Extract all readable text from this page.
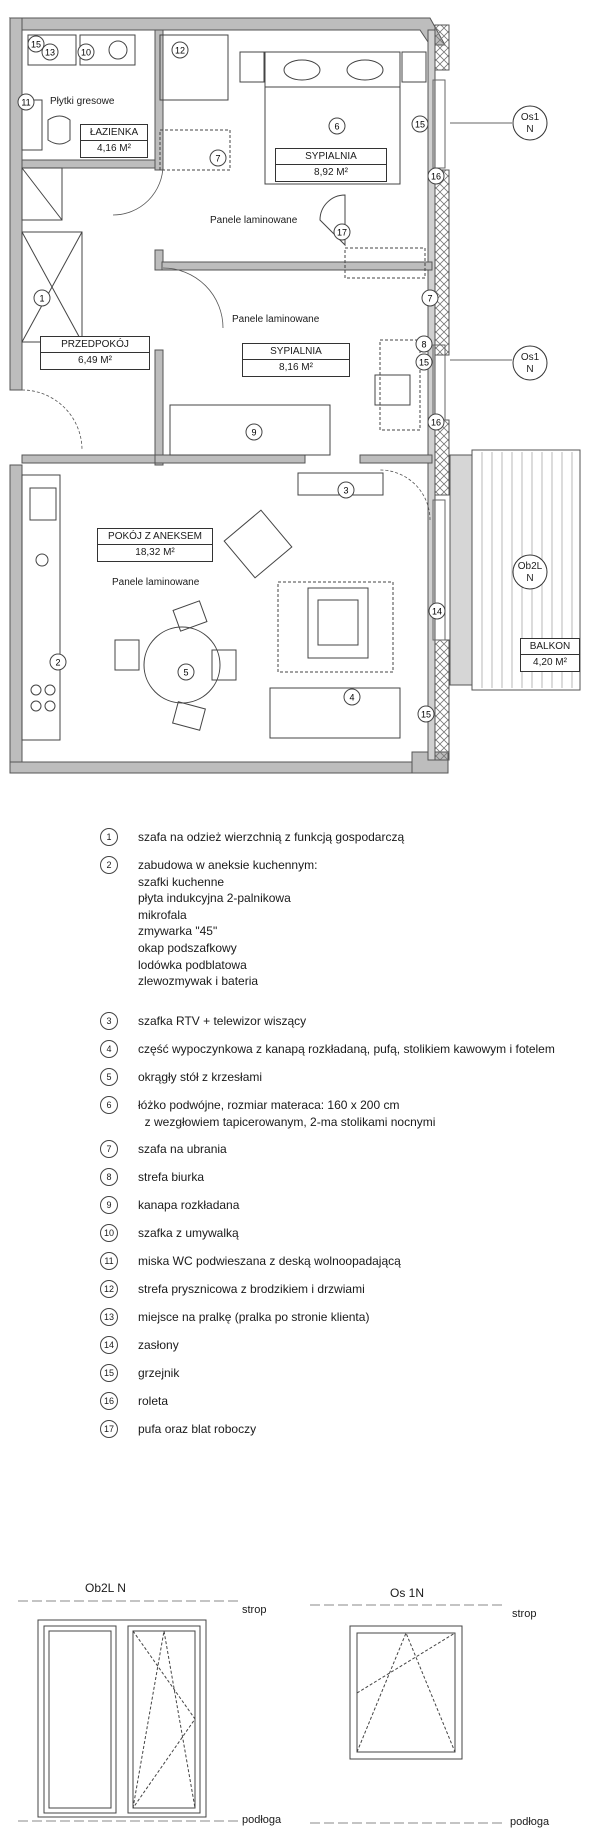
Os1
N
Os1
N
Ob2L
N
15
13	10	12
11
6	15
7
16
17
7
1
8
15
16
9
3
2
5
4
14
15
ŁAZIENKA
4,16 M²
SYPIALNIA
8,92 M²
SYPIALNIA
8,16 M²
PRZEDPOKÓJ
6,49 M²
POKÓJ Z ANEKSEM
18,32 M²
BALKON
4,20 M²
Płytki gresowe
Panele laminowane
Panele laminowane
Panele laminowane
1	szafa na odzież wierzchnią z funkcją gospodarczą
2	zabudowa w aneksie kuchennym:
szafki kuchenne
płyta indukcyjna 2-palnikowa
mikrofala
zmywarka "45"
okap podszafkowy
lodówka podblatowa
zlewozmywak i bateria
3	szafka RTV + telewizor wiszący
4	część wypoczynkowa z kanapą rozkładaną, pufą, stolikiem kawowym i fotelem
5	okrągły stół z krzesłami
6	łóżko podwójne, rozmiar materaca: 160 x 200 cm
z wezgłowiem tapicerowanym, 2-ma stolikami nocnymi
7	szafa na ubrania
8	strefa biurka
9	kanapa rozkładana
10	szafka z umywalką
11	miska WC podwieszana z deską wolnoopadającą
12	strefa prysznicowa z brodzikiem i drzwiami
13	miejsce na pralkę (pralka po stronie klienta)
14	zasłony
15	grzejnik
16	roleta
17	pufa oraz blat roboczy
Ob2L N	Os 1N
strop	strop
podłoga	podłoga
